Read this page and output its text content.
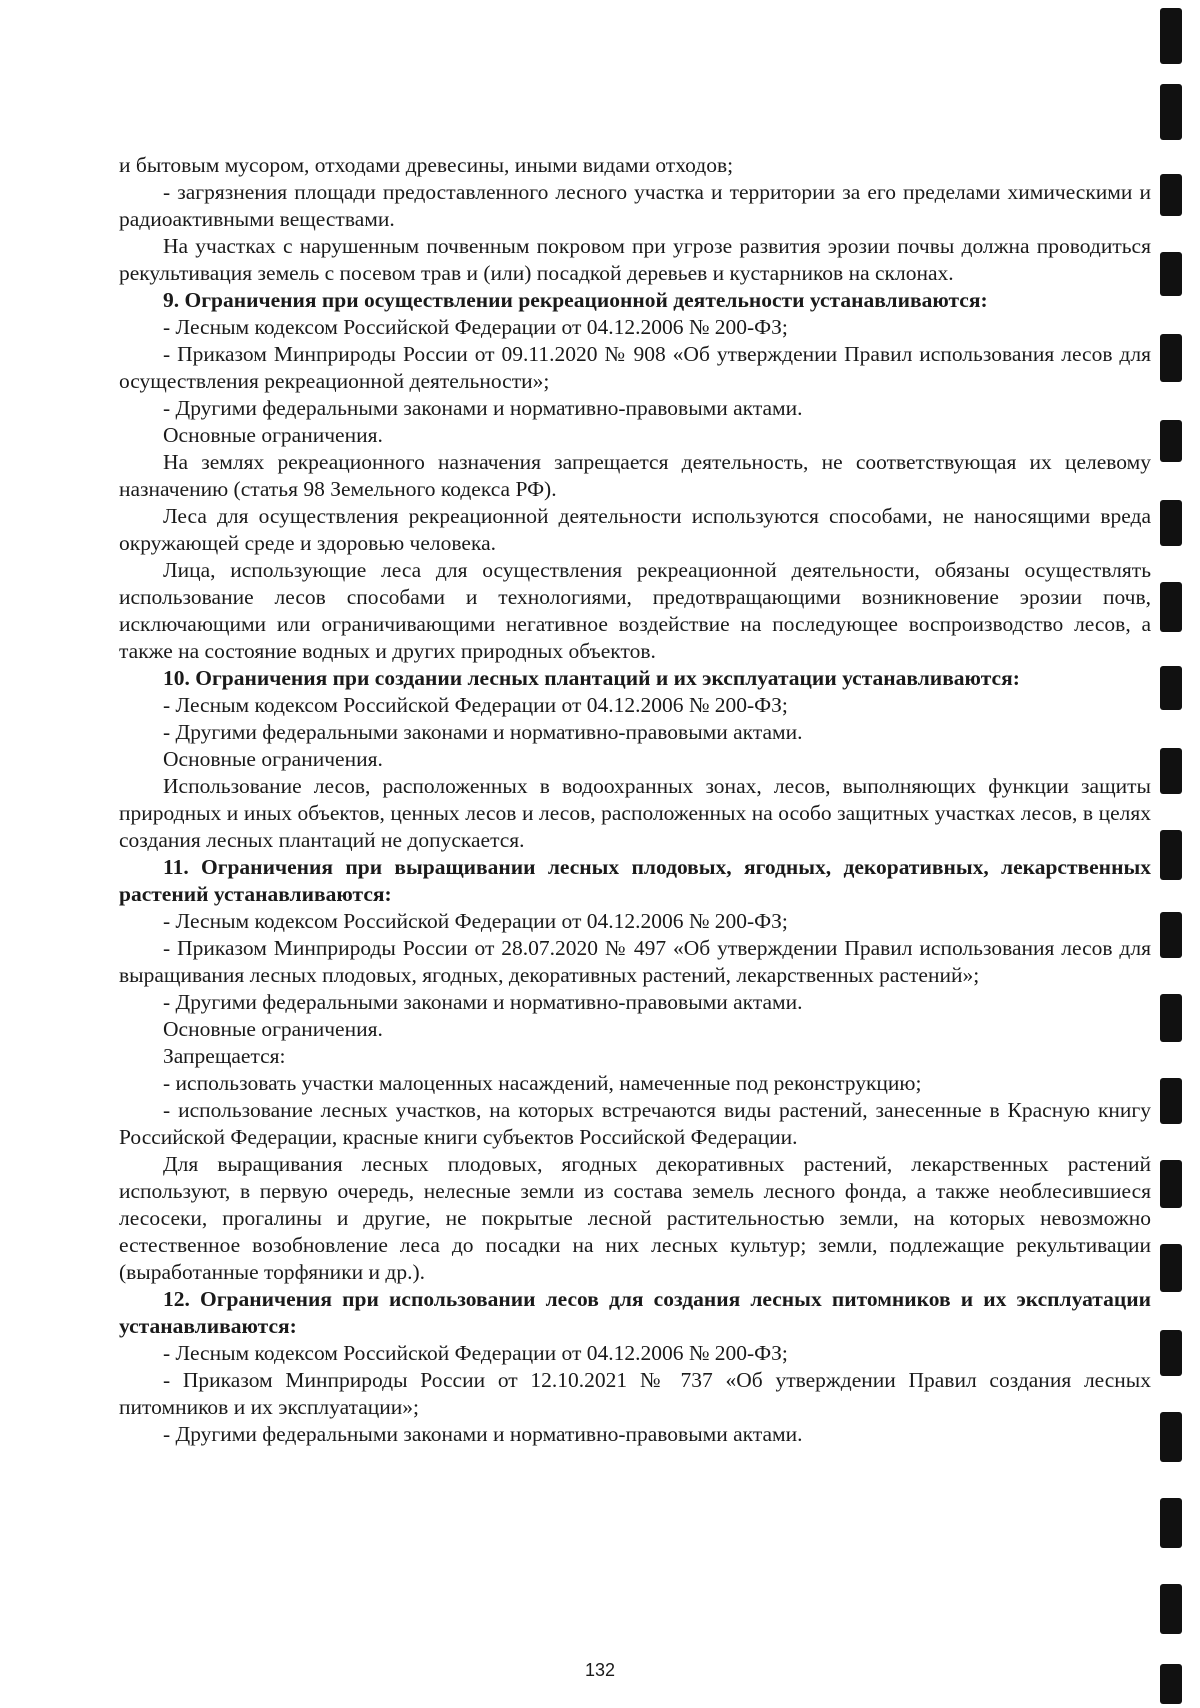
и бытовым мусором, отходами древесины, иными видами отходов;

- загрязнения площади предоставленного лесного участка и территории за его пределами химическими и радиоактивными веществами.

На участках с нарушенным почвенным покровом при угрозе развития эрозии почвы должна проводиться рекультивация земель с посевом трав и (или) посадкой деревьев и кустарников на склонах.

9. Ограничения при осуществлении рекреационной деятельности устанавливаются:

- Лесным кодексом Российской Федерации от 04.12.2006 № 200-ФЗ;

- Приказом Минприроды России от 09.11.2020 № 908 «Об утверждении Правил использования лесов для осуществления рекреационной деятельности»;

- Другими федеральными законами и нормативно-правовыми актами.

Основные ограничения.

На землях рекреационного назначения запрещается деятельность, не соответствующая их целевому назначению (статья 98 Земельного кодекса РФ).

Леса для осуществления рекреационной деятельности используются способами, не наносящими вреда окружающей среде и здоровью человека.

Лица, использующие леса для осуществления рекреационной деятельности, обязаны осуществлять использование лесов способами и технологиями, предотвращающими возникновение эрозии почв, исключающими или ограничивающими негативное воздействие на последующее воспроизводство лесов, а также на состояние водных и других природных объектов.

10. Ограничения при создании лесных плантаций и их эксплуатации устанавливаются:

- Лесным кодексом Российской Федерации от 04.12.2006 № 200-ФЗ;

- Другими федеральными законами и нормативно-правовыми актами.

Основные ограничения.

Использование лесов, расположенных в водоохранных зонах, лесов, выполняющих функции защиты природных и иных объектов, ценных лесов и лесов, расположенных на особо защитных участках лесов, в целях создания лесных плантаций не допускается.

11. Ограничения при выращивании лесных плодовых, ягодных, декоративных, лекарственных растений устанавливаются:

- Лесным кодексом Российской Федерации от 04.12.2006 № 200-ФЗ;

- Приказом Минприроды России от 28.07.2020 № 497 «Об утверждении Правил использования лесов для выращивания лесных плодовых, ягодных, декоративных растений, лекарственных растений»;

- Другими федеральными законами и нормативно-правовыми актами.

Основные ограничения.

Запрещается:

- использовать участки малоценных насаждений, намеченные под реконструкцию;

- использование лесных участков, на которых встречаются виды растений, занесенные в Красную книгу Российской Федерации, красные книги субъектов Российской Федерации.

Для выращивания лесных плодовых, ягодных декоративных растений, лекарственных растений используют, в первую очередь, нелесные земли из состава земель лесного фонда, а также необлесившиеся лесосеки, прогалины и другие, не покрытые лесной растительностью земли, на которых невозможно естественное возобновление леса до посадки на них лесных культур; земли, подлежащие рекультивации (выработанные торфяники и др.).

12. Ограничения при использовании лесов для создания лесных питомников и их эксплуатации устанавливаются:

- Лесным кодексом Российской Федерации от 04.12.2006 № 200-ФЗ;

- Приказом Минприроды России от 12.10.2021 № 737 «Об утверждении Правил создания лесных питомников и их эксплуатации»;

- Другими федеральными законами и нормативно-правовыми актами.

132
